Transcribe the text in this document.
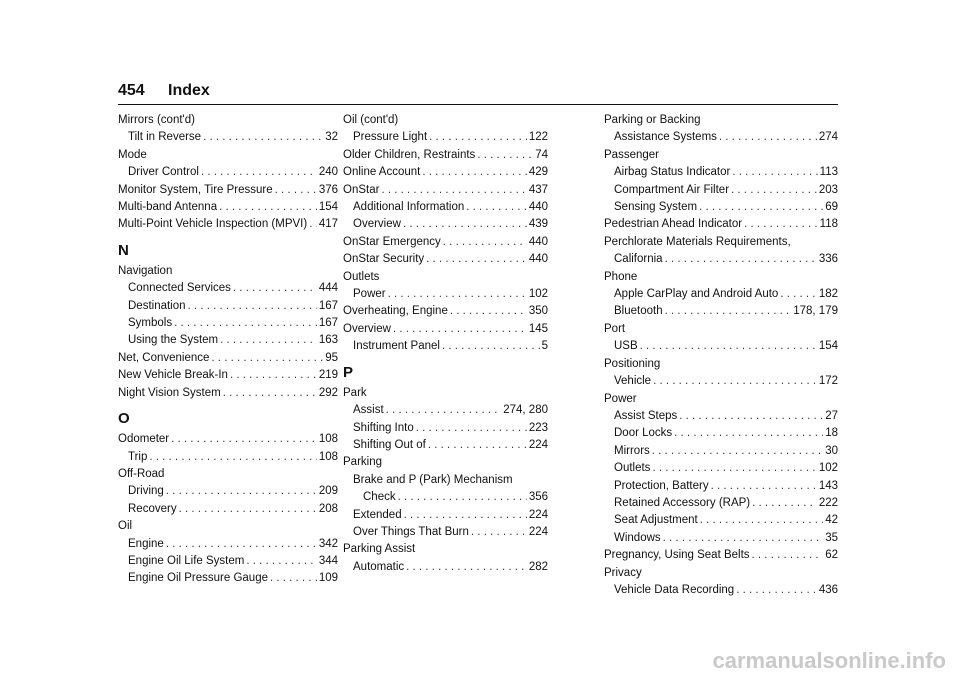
454 Index
Mirrors (cont'd)
Tilt in Reverse . . .	32
Mode
Driver Control . . .	240
Monitor System, Tire Pressure . . .	376
Multi-band Antenna . . .	154
Multi-Point Vehicle Inspection (MPVI) . . . 417
N
Navigation
Connected Services . . .	444
Destination . . .	167
Symbols . . .	167
Using the System . . .	163
Net, Convenience . . .	95
New Vehicle Break-In . . .	219
Night Vision System . . .	292
O
Odometer . . .	108
Trip . . .	108
Off-Road
Driving . . .	209
Recovery . . .	208
Oil
Engine . . .	342
Engine Oil Life System . . .	344
Engine Oil Pressure Gauge . . .	109
Oil (cont'd)
Pressure Light . . .	122
Older Children, Restraints . . .	74
Online Account . . .	429
OnStar . . .	437
Additional Information . . .	440
Overview . . .	439
OnStar Emergency . . .	440
OnStar Security . . .	440
Outlets
Power . . .	102
Overheating, Engine . . .	350
Overview . . .	145
Instrument Panel . . .	5
P
Park
Assist . . .	274, 280
Shifting Into . . .	223
Shifting Out of . . .	224
Parking
Brake and P (Park) Mechanism
Check . . .	356
Extended . . .	224
Over Things That Burn . . .	224
Parking Assist
Automatic . . .	282
Parking or Backing
Assistance Systems . . .	274
Passenger
Airbag Status Indicator . . .	113
Compartment Air Filter . . .	203
Sensing System . . .	69
Pedestrian Ahead Indicator . . .	118
Perchlorate Materials Requirements,
California . . .	336
Phone
Apple CarPlay and Android Auto . . .	182
Bluetooth . . .	178, 179
Port
USB . . .	154
Positioning
Vehicle . . .	172
Power
Assist Steps . . .	27
Door Locks . . .	18
Mirrors . . .	30
Outlets . . .	102
Protection, Battery . . .	143
Retained Accessory (RAP) . . .	222
Seat Adjustment . . .	42
Windows . . .	35
Pregnancy, Using Seat Belts . . .	62
Privacy
Vehicle Data Recording . . .	436
carmanualsonline.info
